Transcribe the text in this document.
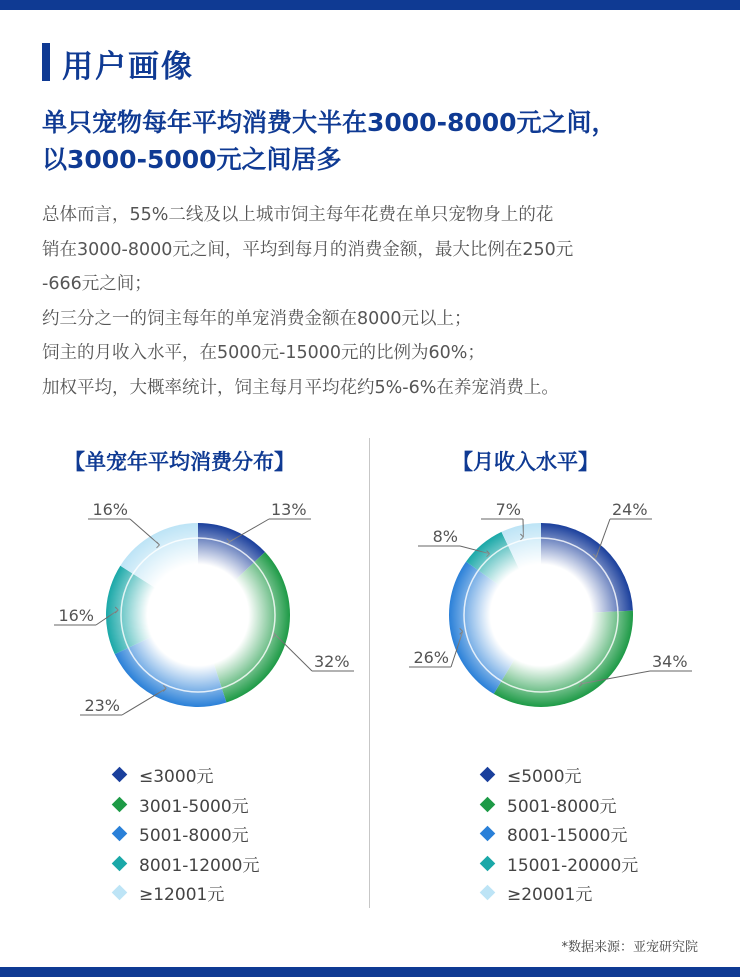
用户画像
单只宠物每年平均消费大半在3000-8000元之间，
以3000-5000元之间居多
总体而言，55%二线及以上城市饲主每年花费在单只宠物身上的花
销在3000-8000元之间，平均到每月的消费金额，最大比例在250元
-666元之间；
约三分之一的饲主每年的单宠消费金额在8000元以上；
饲主的月收入水平，在5000元-15000元的比例为60%；
加权平均，大概率统计，饲主每月平均花约5%-6%在养宠消费上。
【单宠年平均消费分布】	【月收入水平】
13%
32%
23%
16%
16%	24%
34%
26%
8%
7%
≤3000元
3001-5000元
5001-8000元
8001-12000元
≥12001元
≤5000元
5001-8000元
8001-15000元
15001-20000元
≥20001元
*数据来源：亚宠研究院
